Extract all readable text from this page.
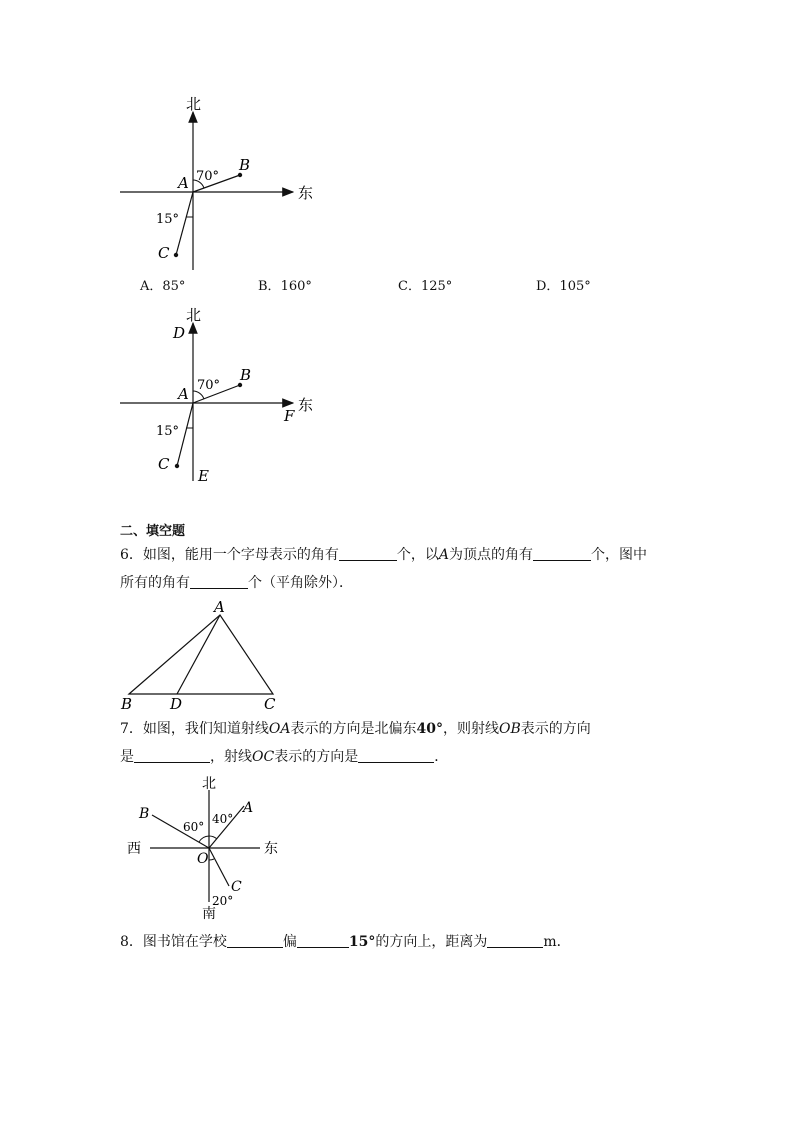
北
东
A
B
C
70°
15°
A．85°	B．160°	C．125°	D．105°
北
D
东
F
A
B
C
E
70°
15°
二、填空题
6．如图，能用一个字母表示的角有	个，以A为顶点的角有	个，图中
所有的角有	个（平角除外）．
A
B	D	C
7．如图，我们知道射线OA表示的方向是北偏东40°，则射线OB表示的方向
是	，射线OC表示的方向是	．
北
南
西	东
O
A
B
C
40°
60°
20°
8．图书馆在学校	偏	15°的方向上，距离为	m．
